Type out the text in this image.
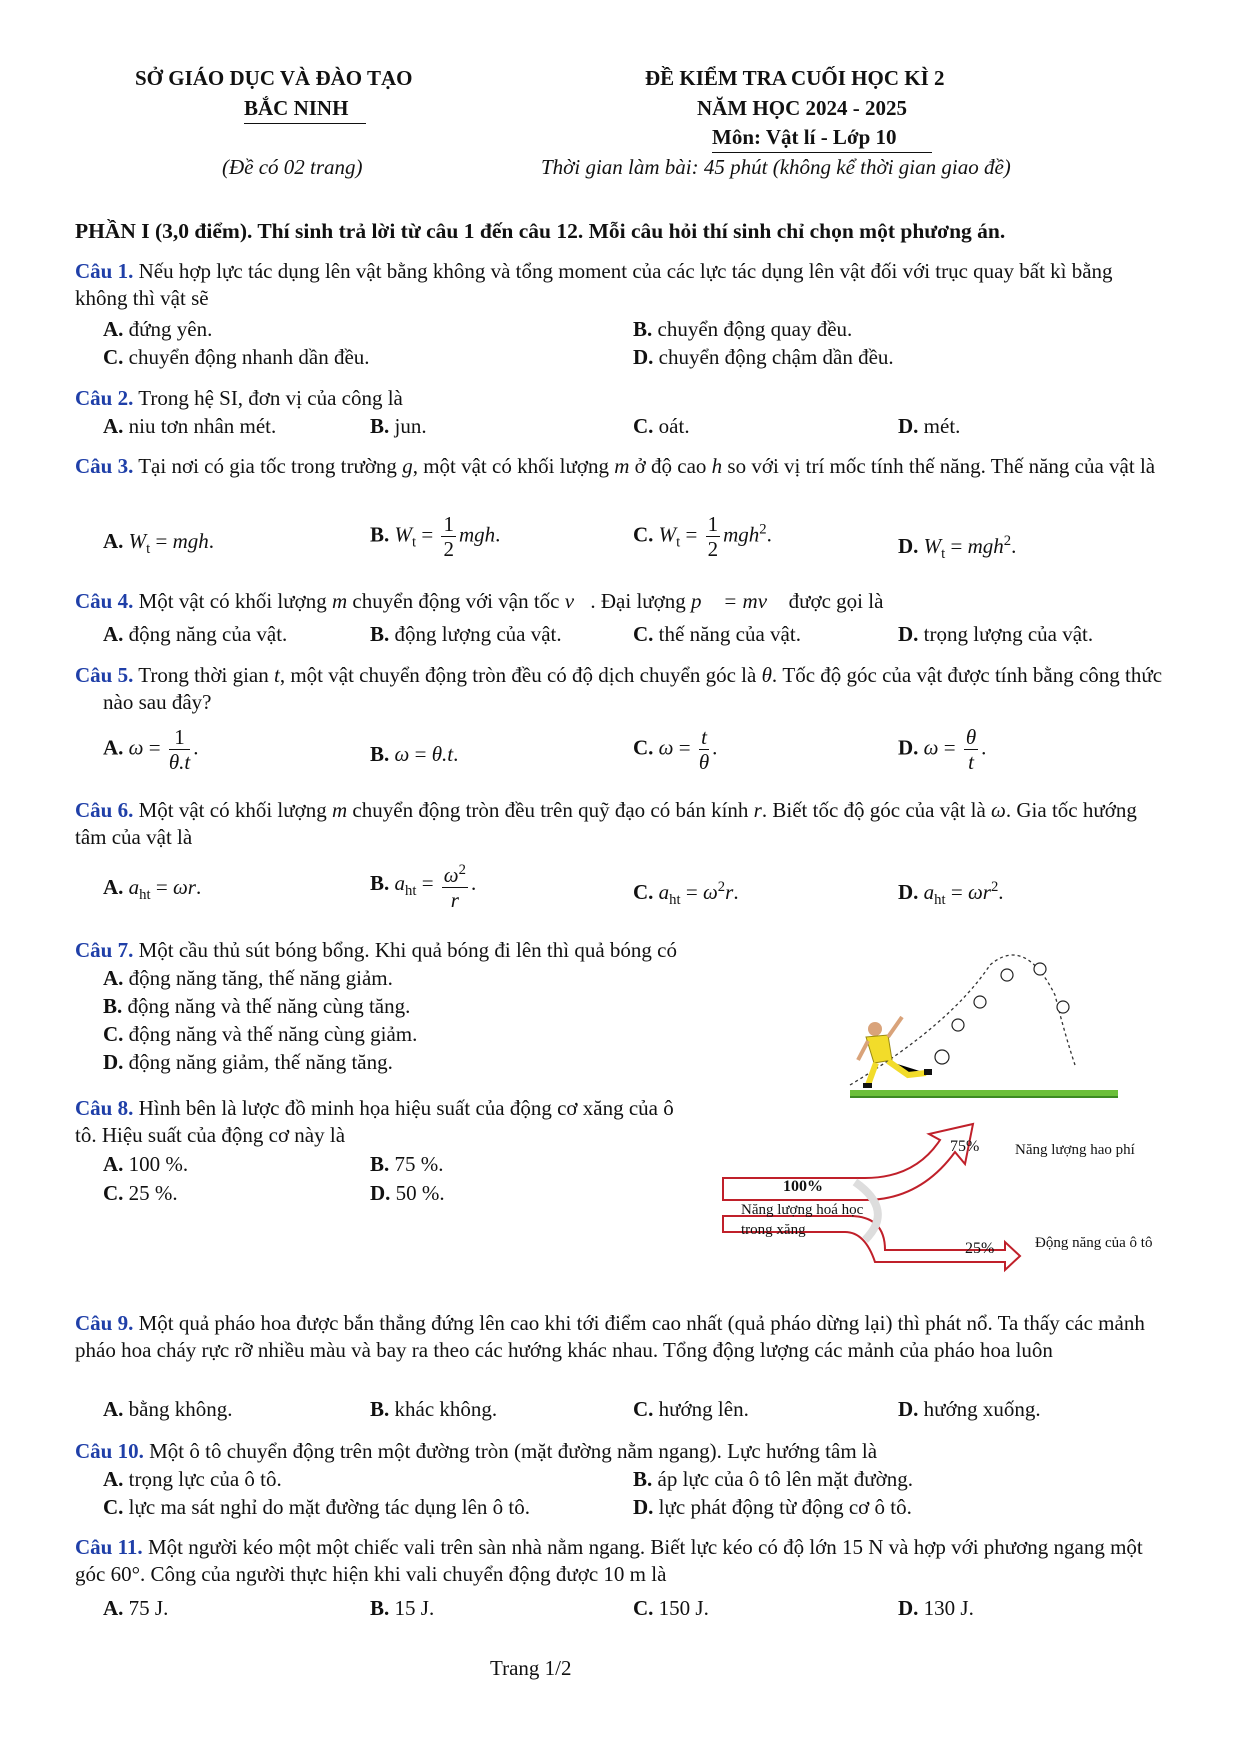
SỞ GIÁO DỤC VÀ ĐÀO TẠO
BẮC NINH
(Đề có 02 trang)
ĐỀ KIỂM TRA CUỐI HỌC KÌ 2
NĂM HỌC 2024 - 2025
Môn: Vật lí - Lớp 10
Thời gian làm bài: 45 phút (không kể thời gian giao đề)
PHẦN I (3,0 điểm). Thí sinh trả lời từ câu 1 đến câu 12. Mỗi câu hỏi thí sinh chỉ chọn một phương án.
Câu 1. Nếu hợp lực tác dụng lên vật bằng không và tổng moment của các lực tác dụng lên vật đối với trục quay bất kì bằng không thì vật sẽ
A. đứng yên.	B. chuyển động quay đều.
C. chuyển động nhanh dần đều.	D. chuyển động chậm dần đều.
Câu 2. Trong hệ SI, đơn vị của công là
A. niu tơn nhân mét.	B. jun.	C. oát.	D. mét.
Câu 3. Tại nơi có gia tốc trong trường g, một vật có khối lượng m ở độ cao h so với vị trí mốc tính thế năng. Thế năng của vật là
A. $W_t$ = mgh.	B. $W_t = \frac{1}{2}$ mgh.	C. $W_t = \frac{1}{2} mgh^2$.	D. $W_t = mgh^2$.
Câu 4. Một vật có khối lượng m chuyển động với vận tốc v⃗. Đại lượng p⃗ = mv⃗ được gọi là
A. động năng của vật.	B. động lượng của vật.	C. thế năng của vật.	D. trọng lượng của vật.
Câu 5. Trong thời gian t, một vật chuyển động tròn đều có độ dịch chuyển góc là θ. Tốc độ góc của vật được tính bằng công thức nào sau đây?
A. $\omega = \frac{1}{\theta.t}$ .	B. ω = θ.t.	C. $\omega = \frac{t}{\theta}$ .	D. $\omega = \frac{\theta}{t}$ .
Câu 6. Một vật có khối lượng m chuyển động tròn đều trên quỹ đạo có bán kính r. Biết tốc độ góc của vật là ω. Gia tốc hướng tâm của vật là
A. $a_{ht} = \omega r$.	B. $a_{ht} = \frac{\omega^2}{r}$ .	C. $a_{ht} = \omega^2r$.	D. $a_{ht} = \omega r^2$.
Câu 7. Một cầu thủ sút bóng bổng. Khi quả bóng đi lên thì quả bóng có
A. động năng tăng, thế năng giảm.
B. động năng và thế năng cùng tăng.
C. động năng và thế năng cùng giảm.
D. động năng giảm, thế năng tăng.
Câu 8. Hình bên là lược đồ minh họa hiệu suất của động cơ xăng của ô tô. Hiệu suất của động cơ này là
A. 100 %.	B. 75 %.
C. 25 %.	D. 50 %.
75% Năng lượng hao phí
100%
Năng lượng hoá học
trong xăng
25%	Động năng của ô tô
Câu 9. Một quả pháo hoa được bắn thẳng đứng lên cao khi tới điểm cao nhất (quả pháo dừng lại) thì phát nổ. Ta thấy các mảnh pháo hoa cháy rực rỡ nhiều màu và bay ra theo các hướng khác nhau. Tổng động lượng các mảnh của pháo hoa luôn
A. bằng không.	B. khác không.	C. hướng lên.	D. hướng xuống.
Câu 10. Một ô tô chuyển động trên một đường tròn (mặt đường nằm ngang). Lực hướng tâm là
A. trọng lực của ô tô.	B. áp lực của ô tô lên mặt đường.
C. lực ma sát nghỉ do mặt đường tác dụng lên ô tô.	D. lực phát động từ động cơ ô tô.
Câu 11. Một người kéo một một chiếc vali trên sàn nhà nằm ngang. Biết lực kéo có độ lớn 15 N và hợp với phương ngang một góc 60°. Công của người thực hiện khi vali chuyển động được 10 m là
A. 75 J.	B. 15 J.	C. 150 J.	D. 130 J.
Trang 1/2
